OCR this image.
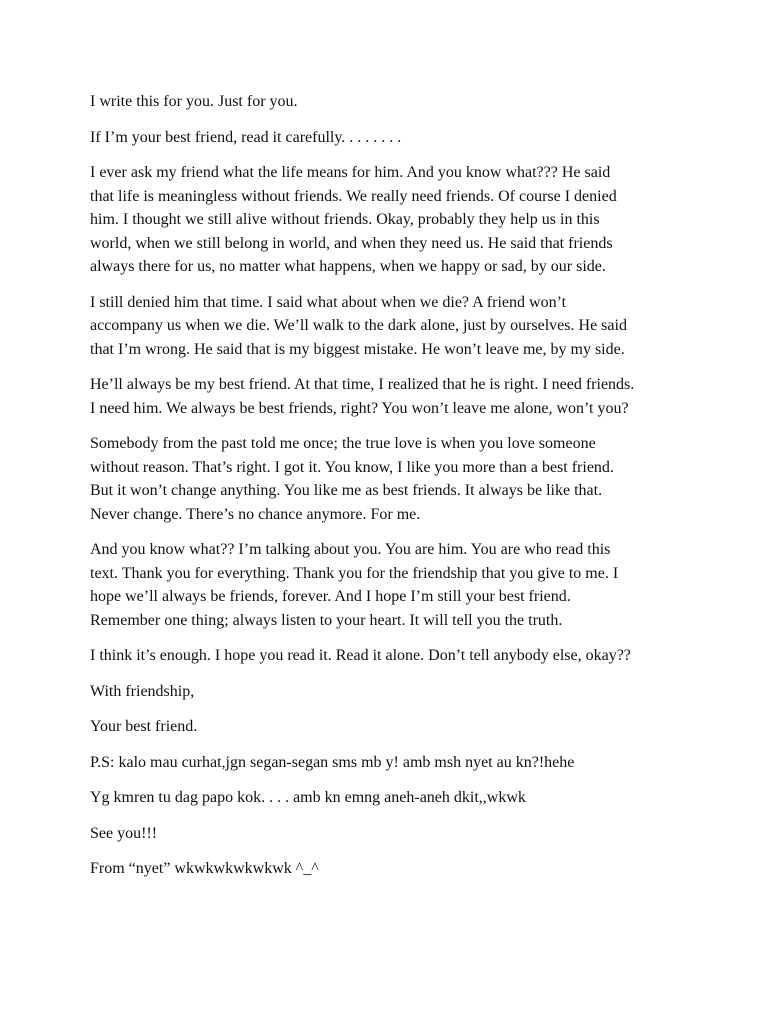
I write this for you. Just for you.

If I’m your best friend, read it carefully. . . . . . . .

I ever ask my friend what the life means for him. And you know what??? He said
that life is meaningless without friends. We really need friends. Of course I denied
him. I thought we still alive without friends. Okay, probably they help us in this
world, when we still belong in world, and when they need us. He said that friends
always there for us, no matter what happens, when we happy or sad, by our side.

I still denied him that time. I said what about when we die? A friend won’t
accompany us when we die. We’ll walk to the dark alone, just by ourselves. He said
that I’m wrong. He said that is my biggest mistake. He won’t leave me, by my side.

He’ll always be my best friend. At that time, I realized that he is right. I need friends.
I need him. We always be best friends, right? You won’t leave me alone, won’t you?

Somebody from the past told me once; the true love is when you love someone
without reason. That’s right. I got it. You know, I like you more than a best friend.
But it won’t change anything. You like me as best friends. It always be like that.
Never change. There’s no chance anymore. For me.

And you know what?? I’m talking about you. You are him. You are who read this
text. Thank you for everything. Thank you for the friendship that you give to me. I
hope we’ll always be friends, forever. And I hope I’m still your best friend.
Remember one thing; always listen to your heart. It will tell you the truth.

I think it’s enough. I hope you read it. Read it alone. Don’t tell anybody else, okay??

With friendship,

Your best friend.

P.S: kalo mau curhat,jgn segan-segan sms mb y! amb msh nyet au kn?!hehe

Yg kmren tu dag papo kok. . . . amb kn emng aneh-aneh dkit,,wkwk

See you!!!

From “nyet” wkwkwkwkwkwk ^_^
